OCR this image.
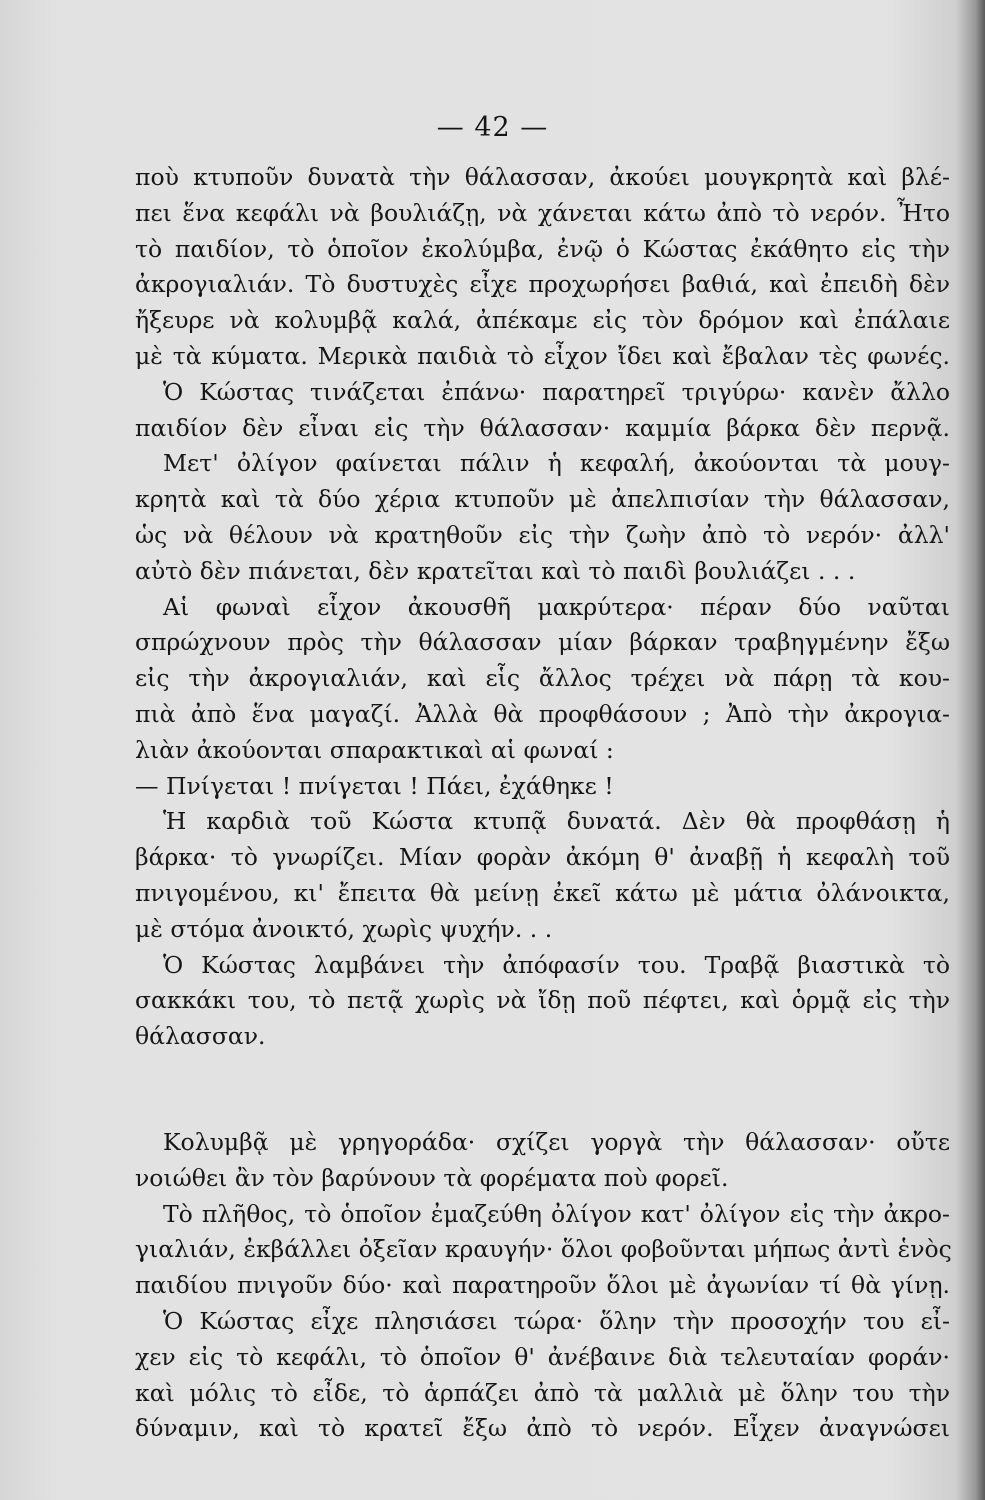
— 42 —
ποὺ κτυποῦν δυνατὰ τὴν θάλασσαν, ἀκούει μουγκρητὰ καὶ βλέ-
πει ἕνα κεφάλι νὰ βουλιάζῃ, νὰ χάνεται κάτω ἀπὸ τὸ νερόν. Ἦτο
τὸ παιδίον, τὸ ὁποῖον ἐκολύμβα, ἐνῷ ὁ Κώστας ἐκάθητο εἰς τὴν
ἀκρογιαλιάν. Τὸ δυστυχὲς εἶχε προχωρήσει βαθιά, καὶ ἐπειδὴ δὲν
ἤξευρε νὰ κολυμβᾷ καλά, ἀπέκαμε εἰς τὸν δρόμον καὶ ἐπάλαιε
μὲ τὰ κύματα. Μερικὰ παιδιὰ τὸ εἶχον ἴδει καὶ ἔβαλαν τὲς φωνές.
Ὁ Κώστας τινάζεται ἐπάνω· παρατηρεῖ τριγύρω· κανὲν ἄλλο
παιδίον δὲν εἶναι εἰς τὴν θάλασσαν· καμμία βάρκα δὲν περνᾷ.
Μετ' ὀλίγον φαίνεται πάλιν ἡ κεφαλή, ἀκούονται τὰ μουγ-
κρητὰ καὶ τὰ δύο χέρια κτυποῦν μὲ ἀπελπισίαν τὴν θάλασσαν,
ὡς νὰ θέλουν νὰ κρατηθοῦν εἰς τὴν ζωὴν ἀπὸ τὸ νερόν· ἀλλ'
αὐτὸ δὲν πιάνεται, δὲν κρατεῖται καὶ τὸ παιδὶ βουλιάζει . . .
Αἱ φωναὶ εἶχον ἀκουσθῆ μακρύτερα· πέραν δύο ναῦται
σπρώχνουν πρὸς τὴν θάλασσαν μίαν βάρκαν τραβηγμένην ἔξω
εἰς τὴν ἀκρογιαλιάν, καὶ εἷς ἄλλος τρέχει νὰ πάρῃ τὰ κου-
πιὰ ἀπὸ ἕνα μαγαζί. Ἀλλὰ θὰ προφθάσουν ; Ἀπὸ τὴν ἀκρογια-
λιὰν ἀκούονται σπαρακτικαὶ αἱ φωναί :
— Πνίγεται ! πνίγεται ! Πάει, ἐχάθηκε !
Ἡ καρδιὰ τοῦ Κώστα κτυπᾷ δυνατά. Δὲν θὰ προφθάσῃ ἡ
βάρκα· τὸ γνωρίζει. Μίαν φορὰν ἀκόμη θ' ἀναβῇ ἡ κεφαλὴ τοῦ
πνιγομένου, κι' ἔπειτα θὰ μείνῃ ἐκεῖ κάτω μὲ μάτια ὀλάνοικτα,
μὲ στόμα ἀνοικτό, χωρὶς ψυχήν. . .
Ὁ Κώστας λαμβάνει τὴν ἀπόφασίν του. Τραβᾷ βιαστικὰ τὸ
σακκάκι του, τὸ πετᾷ χωρὶς νὰ ἴδῃ ποῦ πέφτει, καὶ ὁρμᾷ εἰς τὴν
θάλασσαν.
Κολυμβᾷ μὲ γρηγοράδα· σχίζει γοργὰ τὴν θάλασσαν· οὔτε
νοιώθει ἂν τὸν βαρύνουν τὰ φορέματα ποὺ φορεῖ.
Τὸ πλῆθος, τὸ ὁποῖον ἐμαζεύθη ὀλίγον κατ' ὀλίγον εἰς τὴν ἀκρο-
γιαλιάν, ἐκβάλλει ὀξεῖαν κραυγήν· ὅλοι φοβοῦνται μήπως ἀντὶ ἑνὸς
παιδίου πνιγοῦν δύο· καὶ παρατηροῦν ὅλοι μὲ ἀγωνίαν τί θὰ γίνῃ.
Ὁ Κώστας εἶχε πλησιάσει τώρα· ὅλην τὴν προσοχήν του εἶ-
χεν εἰς τὸ κεφάλι, τὸ ὁποῖον θ' ἀνέβαινε διὰ τελευταίαν φοράν·
καὶ μόλις τὸ εἶδε, τὸ ἁρπάζει ἀπὸ τὰ μαλλιὰ μὲ ὅλην του τὴν
δύναμιν, καὶ τὸ κρατεῖ ἔξω ἀπὸ τὸ νερόν. Εἶχεν ἀναγνώσει
